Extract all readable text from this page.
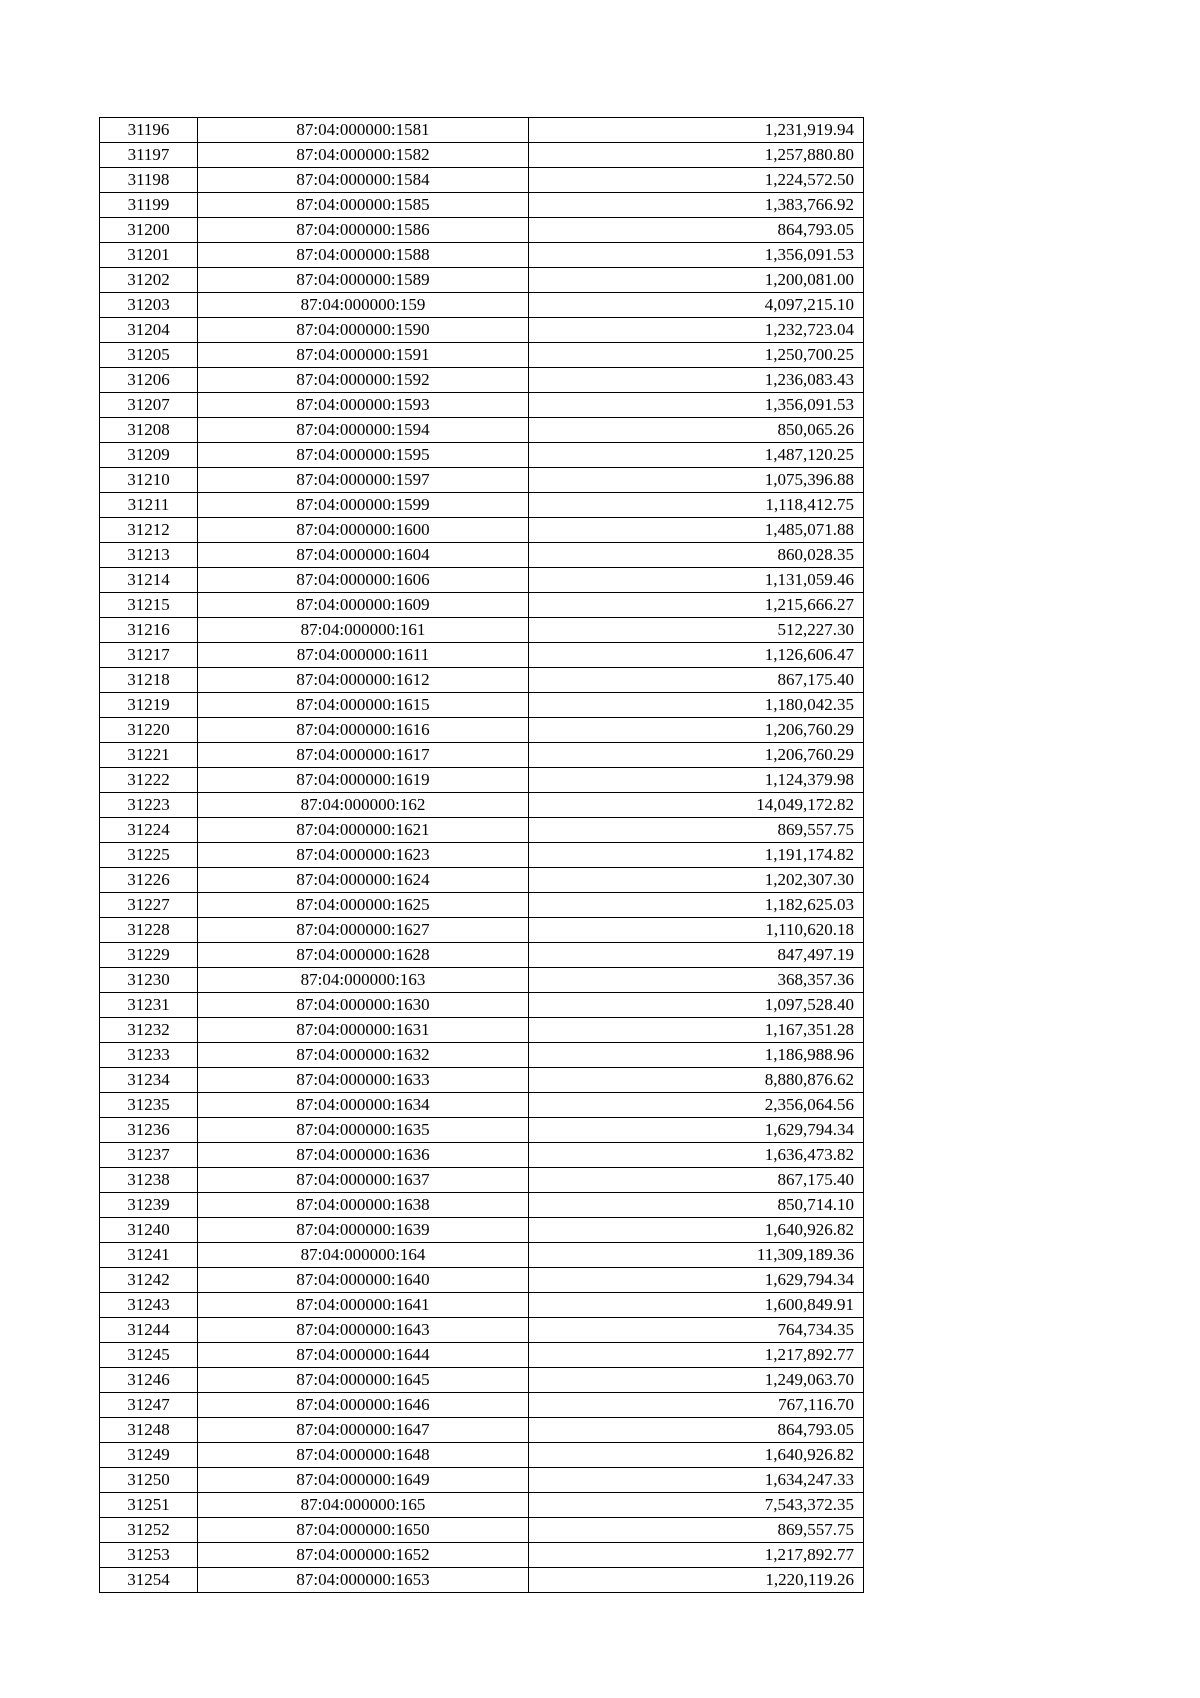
31196	87:04:000000:1581	1,231,919.94
31197	87:04:000000:1582	1,257,880.80
31198	87:04:000000:1584	1,224,572.50
31199	87:04:000000:1585	1,383,766.92
31200	87:04:000000:1586	864,793.05
31201	87:04:000000:1588	1,356,091.53
31202	87:04:000000:1589	1,200,081.00
31203	87:04:000000:159	4,097,215.10
31204	87:04:000000:1590	1,232,723.04
31205	87:04:000000:1591	1,250,700.25
31206	87:04:000000:1592	1,236,083.43
31207	87:04:000000:1593	1,356,091.53
31208	87:04:000000:1594	850,065.26
31209	87:04:000000:1595	1,487,120.25
31210	87:04:000000:1597	1,075,396.88
31211	87:04:000000:1599	1,118,412.75
31212	87:04:000000:1600	1,485,071.88
31213	87:04:000000:1604	860,028.35
31214	87:04:000000:1606	1,131,059.46
31215	87:04:000000:1609	1,215,666.27
31216	87:04:000000:161	512,227.30
31217	87:04:000000:1611	1,126,606.47
31218	87:04:000000:1612	867,175.40
31219	87:04:000000:1615	1,180,042.35
31220	87:04:000000:1616	1,206,760.29
31221	87:04:000000:1617	1,206,760.29
31222	87:04:000000:1619	1,124,379.98
31223	87:04:000000:162	14,049,172.82
31224	87:04:000000:1621	869,557.75
31225	87:04:000000:1623	1,191,174.82
31226	87:04:000000:1624	1,202,307.30
31227	87:04:000000:1625	1,182,625.03
31228	87:04:000000:1627	1,110,620.18
31229	87:04:000000:1628	847,497.19
31230	87:04:000000:163	368,357.36
31231	87:04:000000:1630	1,097,528.40
31232	87:04:000000:1631	1,167,351.28
31233	87:04:000000:1632	1,186,988.96
31234	87:04:000000:1633	8,880,876.62
31235	87:04:000000:1634	2,356,064.56
31236	87:04:000000:1635	1,629,794.34
31237	87:04:000000:1636	1,636,473.82
31238	87:04:000000:1637	867,175.40
31239	87:04:000000:1638	850,714.10
31240	87:04:000000:1639	1,640,926.82
31241	87:04:000000:164	11,309,189.36
31242	87:04:000000:1640	1,629,794.34
31243	87:04:000000:1641	1,600,849.91
31244	87:04:000000:1643	764,734.35
31245	87:04:000000:1644	1,217,892.77
31246	87:04:000000:1645	1,249,063.70
31247	87:04:000000:1646	767,116.70
31248	87:04:000000:1647	864,793.05
31249	87:04:000000:1648	1,640,926.82
31250	87:04:000000:1649	1,634,247.33
31251	87:04:000000:165	7,543,372.35
31252	87:04:000000:1650	869,557.75
31253	87:04:000000:1652	1,217,892.77
31254	87:04:000000:1653	1,220,119.26
